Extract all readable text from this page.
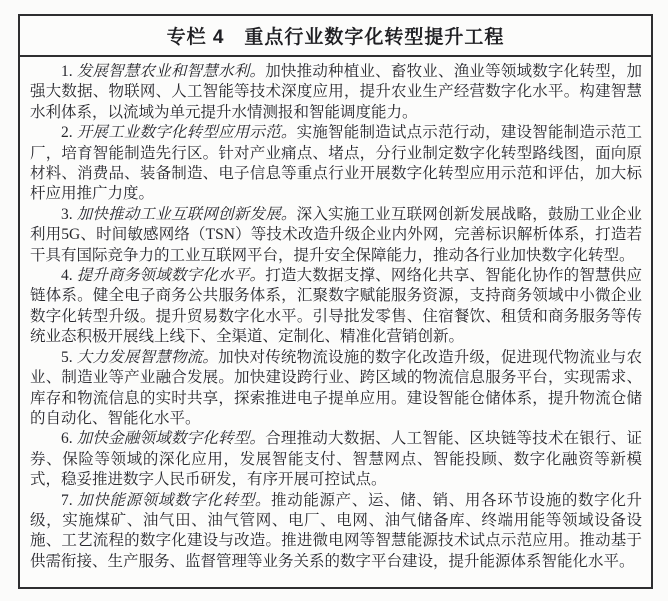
专栏 4　重点行业数字化转型提升工程

1. 发展智慧农业和智慧水利。加快推动种植业、畜牧业、渔业等领域数字化转型，加强大数据、物联网、人工智能等技术深度应用，提升农业生产经营数字化水平。构建智慧水利体系，以流域为单元提升水情测报和智能调度能力。

2. 开展工业数字化转型应用示范。实施智能制造试点示范行动，建设智能制造示范工厂，培育智能制造先行区。针对产业痛点、堵点，分行业制定数字化转型路线图，面向原材料、消费品、装备制造、电子信息等重点行业开展数字化转型应用示范和评估，加大标杆应用推广力度。

3. 加快推动工业互联网创新发展。深入实施工业互联网创新发展战略，鼓励工业企业利用5G、时间敏感网络（TSN）等技术改造升级企业内外网，完善标识解析体系，打造若干具有国际竞争力的工业互联网平台，提升安全保障能力，推动各行业加快数字化转型。

4. 提升商务领域数字化水平。打造大数据支撑、网络化共享、智能化协作的智慧供应链体系。健全电子商务公共服务体系，汇聚数字赋能服务资源，支持商务领域中小微企业数字化转型升级。提升贸易数字化水平。引导批发零售、住宿餐饮、租赁和商务服务等传统业态积极开展线上线下、全渠道、定制化、精准化营销创新。

5. 大力发展智慧物流。加快对传统物流设施的数字化改造升级，促进现代物流业与农业、制造业等产业融合发展。加快建设跨行业、跨区域的物流信息服务平台，实现需求、库存和物流信息的实时共享，探索推进电子提单应用。建设智能仓储体系，提升物流仓储的自动化、智能化水平。

6. 加快金融领域数字化转型。合理推动大数据、人工智能、区块链等技术在银行、证券、保险等领域的深化应用，发展智能支付、智慧网点、智能投顾、数字化融资等新模式，稳妥推进数字人民币研发，有序开展可控试点。

7. 加快能源领域数字化转型。推动能源产、运、储、销、用各环节设施的数字化升级，实施煤矿、油气田、油气管网、电厂、电网、油气储备库、终端用能等领域设备设施、工艺流程的数字化建设与改造。推进微电网等智慧能源技术试点示范应用。推动基于供需衔接、生产服务、监督管理等业务关系的数字平台建设，提升能源体系智能化水平。
